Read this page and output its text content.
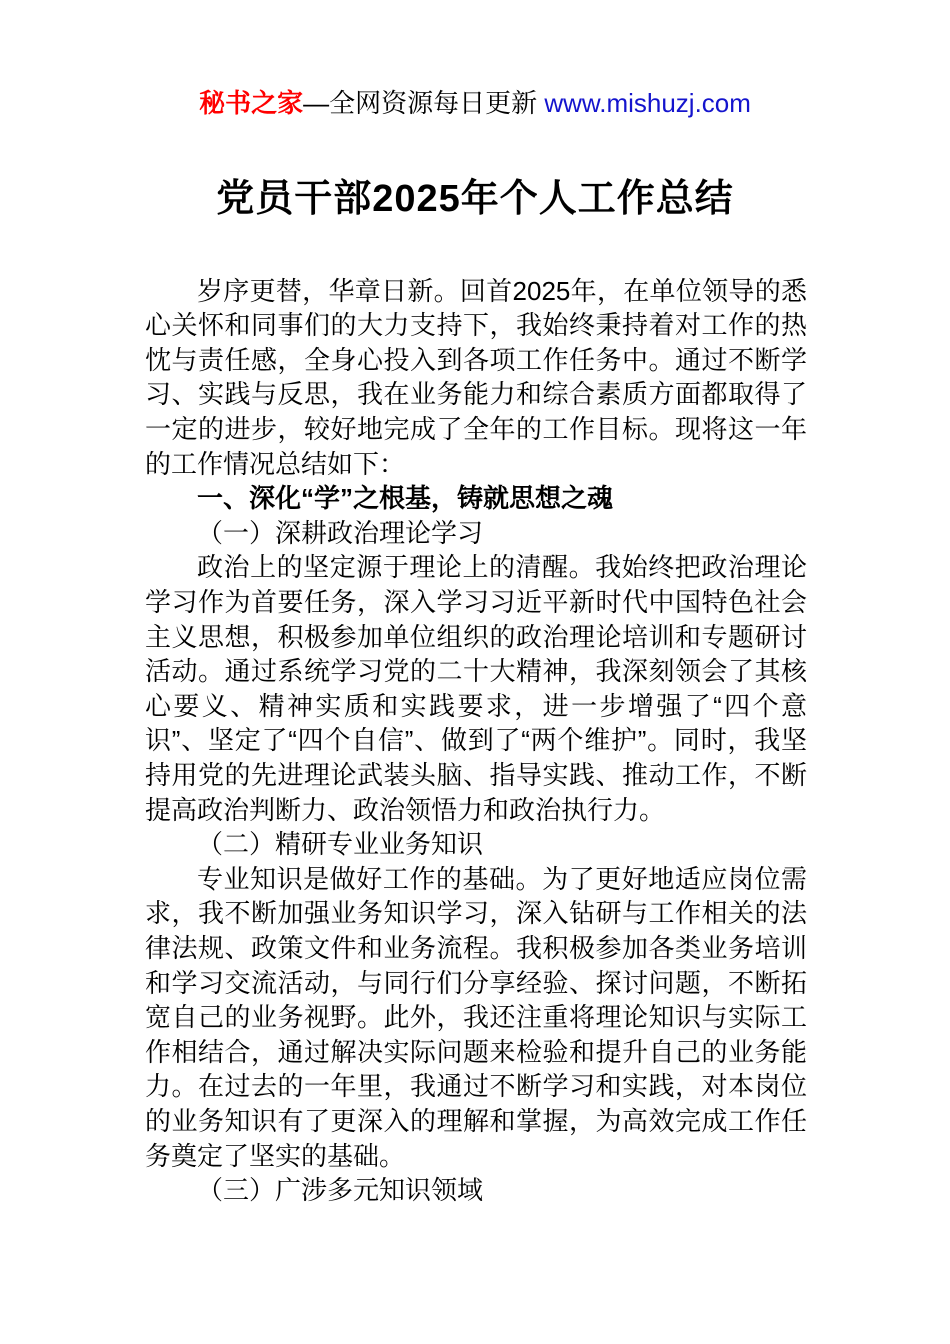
秘书之家—全网资源每日更新 www.mishuzj.com
党员干部2025年个人工作总结

岁序更替，华章日新。回首2025年，在单位领导的悉心关怀和同事们的大力支持下，我始终秉持着对工作的热忱与责任感，全身心投入到各项工作任务中。通过不断学习、实践与反思，我在业务能力和综合素质方面都取得了一定的进步，较好地完成了全年的工作目标。现将这一年的工作情况总结如下：

一、深化“学”之根基，铸就思想之魂

（一）深耕政治理论学习

政治上的坚定源于理论上的清醒。我始终把政治理论学习作为首要任务，深入学习习近平新时代中国特色社会主义思想，积极参加单位组织的政治理论培训和专题研讨活动。通过系统学习党的二十大精神，我深刻领会了其核心要义、精神实质和实践要求，进一步增强了“四个意识”、坚定了“四个自信”、做到了“两个维护”。同时，我坚持用党的先进理论武装头脑、指导实践、推动工作，不断提高政治判断力、政治领悟力和政治执行力。

（二）精研专业业务知识

专业知识是做好工作的基础。为了更好地适应岗位需求，我不断加强业务知识学习，深入钻研与工作相关的法律法规、政策文件和业务流程。我积极参加各类业务培训和学习交流活动，与同行们分享经验、探讨问题，不断拓宽自己的业务视野。此外，我还注重将理论知识与实际工作相结合，通过解决实际问题来检验和提升自己的业务能力。在过去的一年里，我通过不断学习和实践，对本岗位的业务知识有了更深入的理解和掌握，为高效完成工作任务奠定了坚实的基础。

（三）广涉多元知识领域
